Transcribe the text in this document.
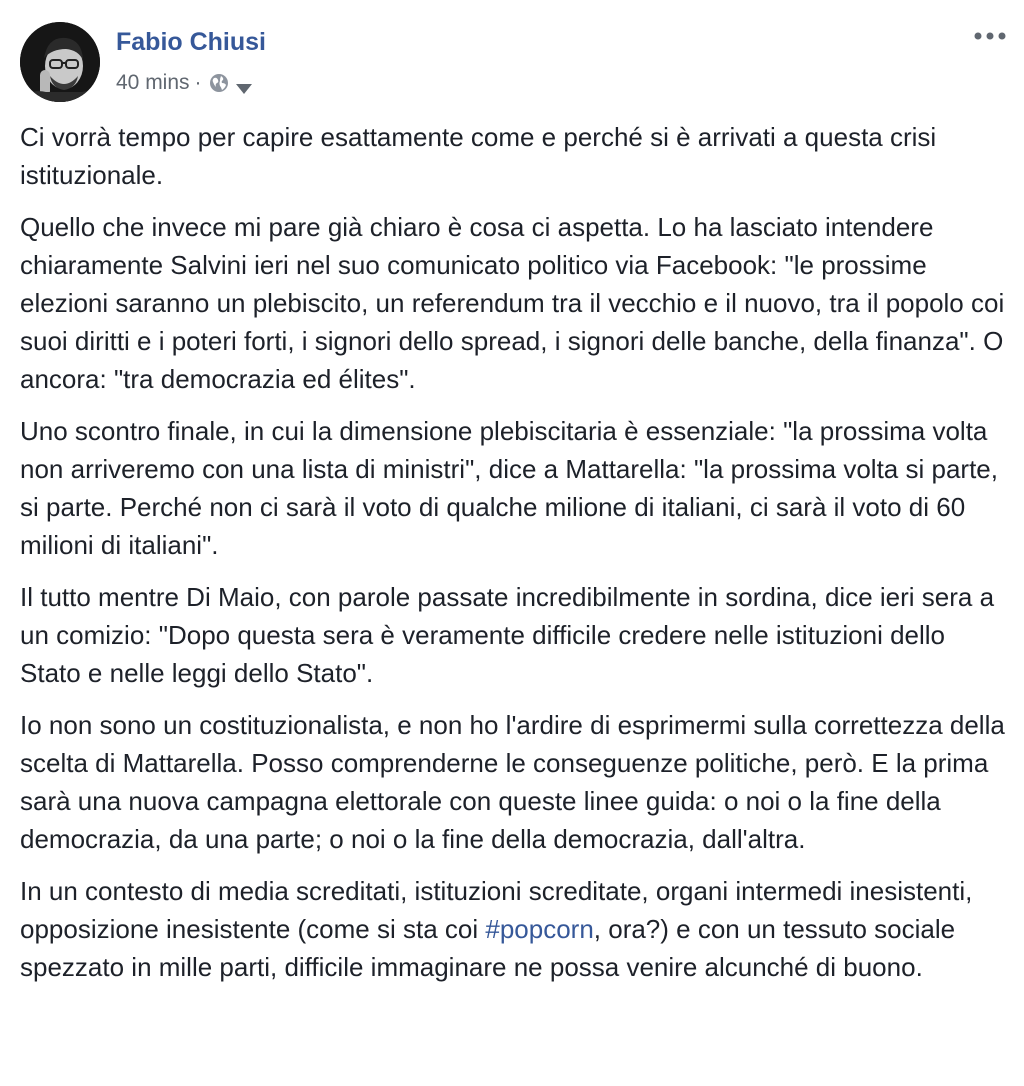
Fabio Chiusi
40 mins ·

Ci vorrà tempo per capire esattamente come e perché si è arrivati a questa crisi istituzionale.

Quello che invece mi pare già chiaro è cosa ci aspetta. Lo ha lasciato intendere chiaramente Salvini ieri nel suo comunicato politico via Facebook: "le prossime elezioni saranno un plebiscito, un referendum tra il vecchio e il nuovo, tra il popolo coi suoi diritti e i poteri forti, i signori dello spread, i signori delle banche, della finanza". O ancora: "tra democrazia ed élites".

Uno scontro finale, in cui la dimensione plebiscitaria è essenziale: "la prossima volta non arriveremo con una lista di ministri", dice a Mattarella: "la prossima volta si parte, si parte. Perché non ci sarà il voto di qualche milione di italiani, ci sarà il voto di 60 milioni di italiani".

Il tutto mentre Di Maio, con parole passate incredibilmente in sordina, dice ieri sera a un comizio: "Dopo questa sera è veramente difficile credere nelle istituzioni dello Stato e nelle leggi dello Stato".

Io non sono un costituzionalista, e non ho l'ardire di esprimermi sulla correttezza della scelta di Mattarella. Posso comprenderne le conseguenze politiche, però. E la prima sarà una nuova campagna elettorale con queste linee guida: o noi o la fine della democrazia, da una parte; o noi o la fine della democrazia, dall'altra.

In un contesto di media screditati, istituzioni screditate, organi intermedi inesistenti, opposizione inesistente (come si sta coi #popcorn, ora?) e con un tessuto sociale spezzato in mille parti, difficile immaginare ne possa venire alcunché di buono.
